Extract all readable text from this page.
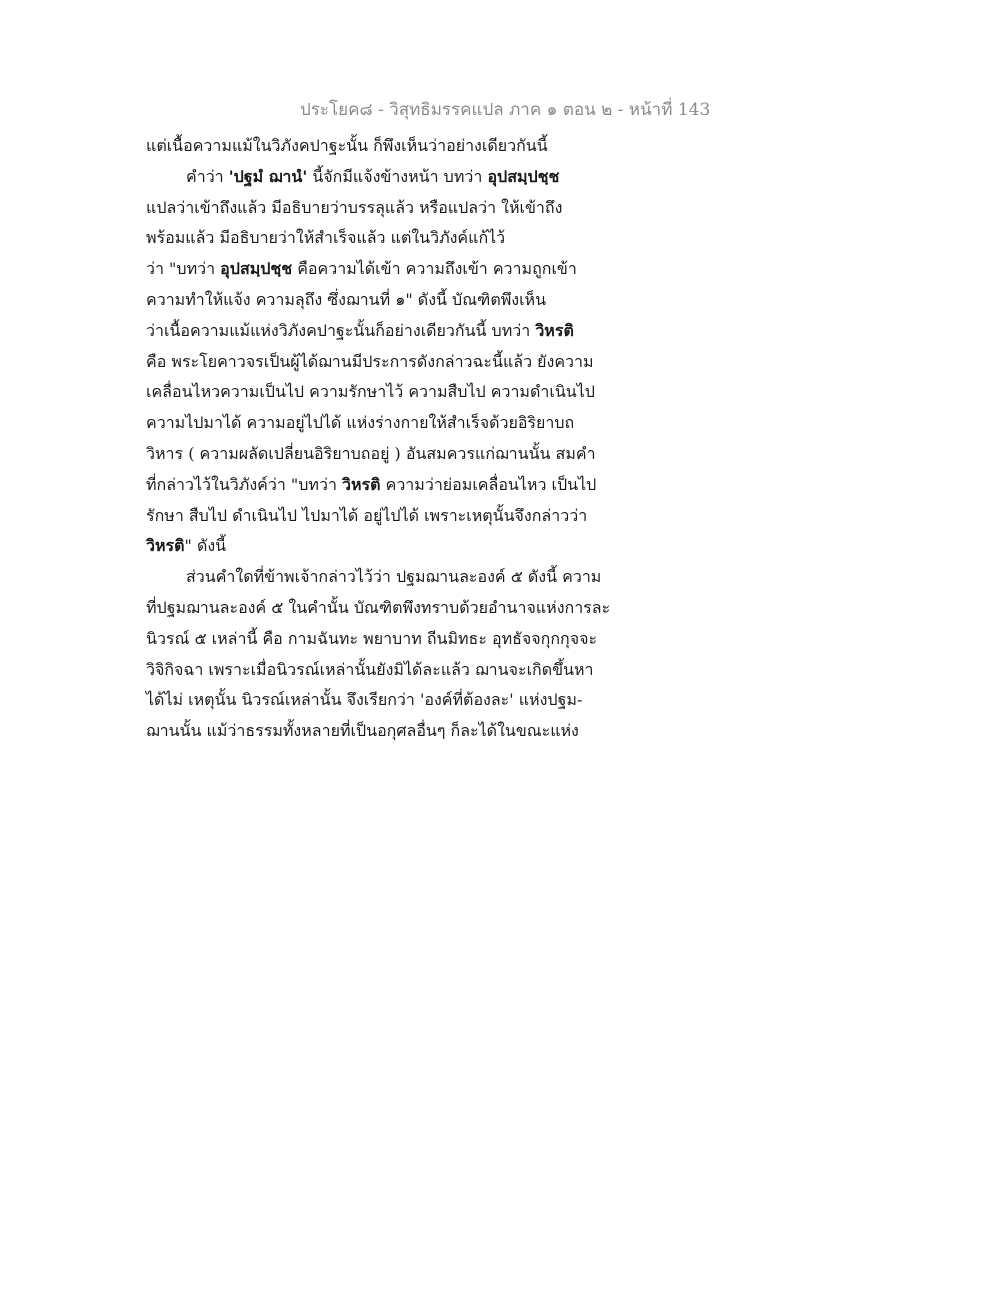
ประโยค๘ - วิสุทธิมรรคแปล ภาค ๑ ตอน ๒ - หน้าที่ 143
แต่เนื้อความแม้ในวิภังคปาฐะนั้น ก็พึงเห็นว่าอย่างเดียวกันนี้
คำว่า 'ปฐมํ ฌานํ' นี้จักมีแจ้งข้างหน้า บทว่า อุปสมฺปชฺช
แปลว่าเข้าถึงแล้ว มีอธิบายว่าบรรลุแล้ว หรือแปลว่า ให้เข้าถึง
พร้อมแล้ว มีอธิบายว่าให้สำเร็จแล้ว แต่ในวิภังค์แก้ไว้
ว่า "บทว่า อุปสมฺปชฺช คือความได้เข้า ความถึงเข้า ความถูกเข้า
ความทำให้แจ้ง ความลุถึง ซึ่งฌานที่ ๑" ดังนี้ บัณฑิตพึงเห็น
ว่าเนื้อความแม้แห่งวิภังคปาฐะนั้นก็อย่างเดียวกันนี้ บทว่า วิหรติ
คือ พระโยคาวจรเป็นผู้ได้ฌานมีประการดังกล่าวฉะนี้แล้ว ยังความ
เคลื่อนไหวความเป็นไป ความรักษาไว้ ความสืบไป ความดำเนินไป
ความไปมาได้ ความอยู่ไปได้ แห่งร่างกายให้สำเร็จด้วยอิริยาบถ
วิหาร ( ความผลัดเปลี่ยนอิริยาบถอยู่ ) อันสมควรแก่ฌานนั้น สมคำ
ที่กล่าวไว้ในวิภังค์ว่า "บทว่า วิหรติ ความว่าย่อมเคลื่อนไหว เป็นไป
รักษา สืบไป ดำเนินไป ไปมาได้ อยู่ไปได้ เพราะเหตุนั้นจึงกล่าวว่า
วิหรติ" ดังนี้
ส่วนคำใดที่ข้าพเจ้ากล่าวไว้ว่า ปฐมฌานละองค์ ๕ ดังนี้ ความ
ที่ปฐมฌานละองค์ ๕ ในคำนั้น บัณฑิตพึงทราบด้วยอำนาจแห่งการละ
นิวรณ์ ๕ เหล่านี้ คือ กามฉันทะ พยาบาท ถีนมิทธะ อุทธัจจกุกกุจจะ
วิจิกิจฉา เพราะเมื่อนิวรณ์เหล่านั้นยังมิได้ละแล้ว ฌานจะเกิดขึ้นหา
ได้ไม่ เหตุนั้น นิวรณ์เหล่านั้น จึงเรียกว่า 'องค์ที่ต้องละ' แห่งปฐม-
ฌานนั้น แม้ว่าธรรมทั้งหลายที่เป็นอกุศลอื่นๆ ก็ละได้ในขณะแห่ง
